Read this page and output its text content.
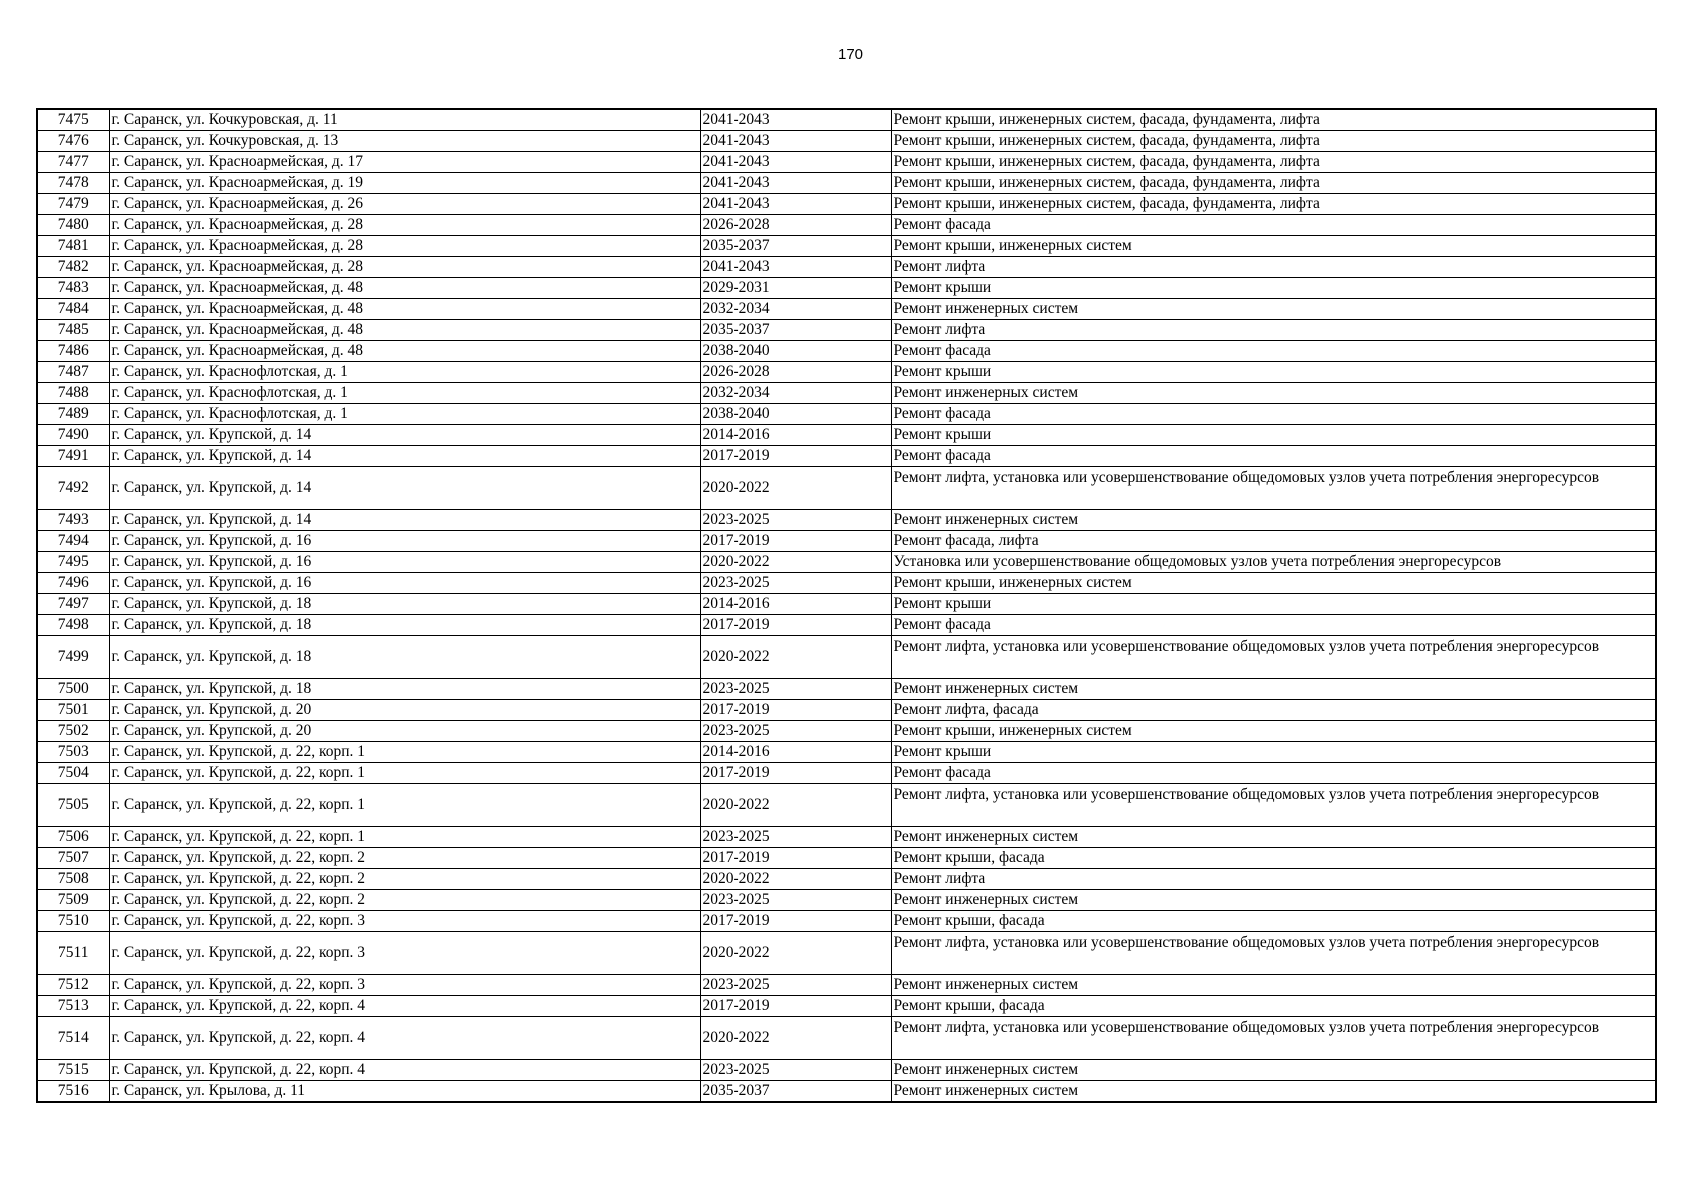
170
7475	г. Саранск, ул. Кочкуровская, д. 11	2041-2043	Ремонт крыши, инженерных систем, фасада, фундамента, лифта
7476	г. Саранск, ул. Кочкуровская, д. 13	2041-2043	Ремонт крыши, инженерных систем, фасада, фундамента, лифта
7477	г. Саранск, ул. Красноармейская, д. 17	2041-2043	Ремонт крыши, инженерных систем, фасада, фундамента, лифта
7478	г. Саранск, ул. Красноармейская, д. 19	2041-2043	Ремонт крыши, инженерных систем, фасада, фундамента, лифта
7479	г. Саранск, ул. Красноармейская, д. 26	2041-2043	Ремонт крыши, инженерных систем, фасада, фундамента, лифта
7480	г. Саранск, ул. Красноармейская, д. 28	2026-2028	Ремонт фасада
7481	г. Саранск, ул. Красноармейская, д. 28	2035-2037	Ремонт крыши, инженерных систем
7482	г. Саранск, ул. Красноармейская, д. 28	2041-2043	Ремонт лифта
7483	г. Саранск, ул. Красноармейская, д. 48	2029-2031	Ремонт крыши
7484	г. Саранск, ул. Красноармейская, д. 48	2032-2034	Ремонт инженерных систем
7485	г. Саранск, ул. Красноармейская, д. 48	2035-2037	Ремонт лифта
7486	г. Саранск, ул. Красноармейская, д. 48	2038-2040	Ремонт фасада
7487	г. Саранск, ул. Краснофлотская, д. 1	2026-2028	Ремонт крыши
7488	г. Саранск, ул. Краснофлотская, д. 1	2032-2034	Ремонт инженерных систем
7489	г. Саранск, ул. Краснофлотская, д. 1	2038-2040	Ремонт фасада
7490	г. Саранск, ул. Крупской, д. 14	2014-2016	Ремонт крыши
7491	г. Саранск, ул. Крупской, д. 14	2017-2019	Ремонт фасада
7492	г. Саранск, ул. Крупской, д. 14	2020-2022	Ремонт лифта, установка или усовершенствование общедомовых узлов учета потребления энергоресурсов
7493	г. Саранск, ул. Крупской, д. 14	2023-2025	Ремонт инженерных систем
7494	г. Саранск, ул. Крупской, д. 16	2017-2019	Ремонт фасада, лифта
7495	г. Саранск, ул. Крупской, д. 16	2020-2022	Установка или усовершенствование общедомовых узлов учета потребления энергоресурсов
7496	г. Саранск, ул. Крупской, д. 16	2023-2025	Ремонт крыши, инженерных систем
7497	г. Саранск, ул. Крупской, д. 18	2014-2016	Ремонт крыши
7498	г. Саранск, ул. Крупской, д. 18	2017-2019	Ремонт фасада
7499	г. Саранск, ул. Крупской, д. 18	2020-2022	Ремонт лифта, установка или усовершенствование общедомовых узлов учета потребления энергоресурсов
7500	г. Саранск, ул. Крупской, д. 18	2023-2025	Ремонт инженерных систем
7501	г. Саранск, ул. Крупской, д. 20	2017-2019	Ремонт лифта, фасада
7502	г. Саранск, ул. Крупской, д. 20	2023-2025	Ремонт крыши, инженерных систем
7503	г. Саранск, ул. Крупской, д. 22, корп. 1	2014-2016	Ремонт крыши
7504	г. Саранск, ул. Крупской, д. 22, корп. 1	2017-2019	Ремонт фасада
7505	г. Саранск, ул. Крупской, д. 22, корп. 1	2020-2022	Ремонт лифта, установка или усовершенствование общедомовых узлов учета потребления энергоресурсов
7506	г. Саранск, ул. Крупской, д. 22, корп. 1	2023-2025	Ремонт инженерных систем
7507	г. Саранск, ул. Крупской, д. 22, корп. 2	2017-2019	Ремонт крыши, фасада
7508	г. Саранск, ул. Крупской, д. 22, корп. 2	2020-2022	Ремонт лифта
7509	г. Саранск, ул. Крупской, д. 22, корп. 2	2023-2025	Ремонт инженерных систем
7510	г. Саранск, ул. Крупской, д. 22, корп. 3	2017-2019	Ремонт крыши, фасада
7511	г. Саранск, ул. Крупской, д. 22, корп. 3	2020-2022	Ремонт лифта, установка или усовершенствование общедомовых узлов учета потребления энергоресурсов
7512	г. Саранск, ул. Крупской, д. 22, корп. 3	2023-2025	Ремонт инженерных систем
7513	г. Саранск, ул. Крупской, д. 22, корп. 4	2017-2019	Ремонт крыши, фасада
7514	г. Саранск, ул. Крупской, д. 22, корп. 4	2020-2022	Ремонт лифта, установка или усовершенствование общедомовых узлов учета потребления энергоресурсов
7515	г. Саранск, ул. Крупской, д. 22, корп. 4	2023-2025	Ремонт инженерных систем
7516	г. Саранск, ул. Крылова, д. 11	2035-2037	Ремонт инженерных систем
